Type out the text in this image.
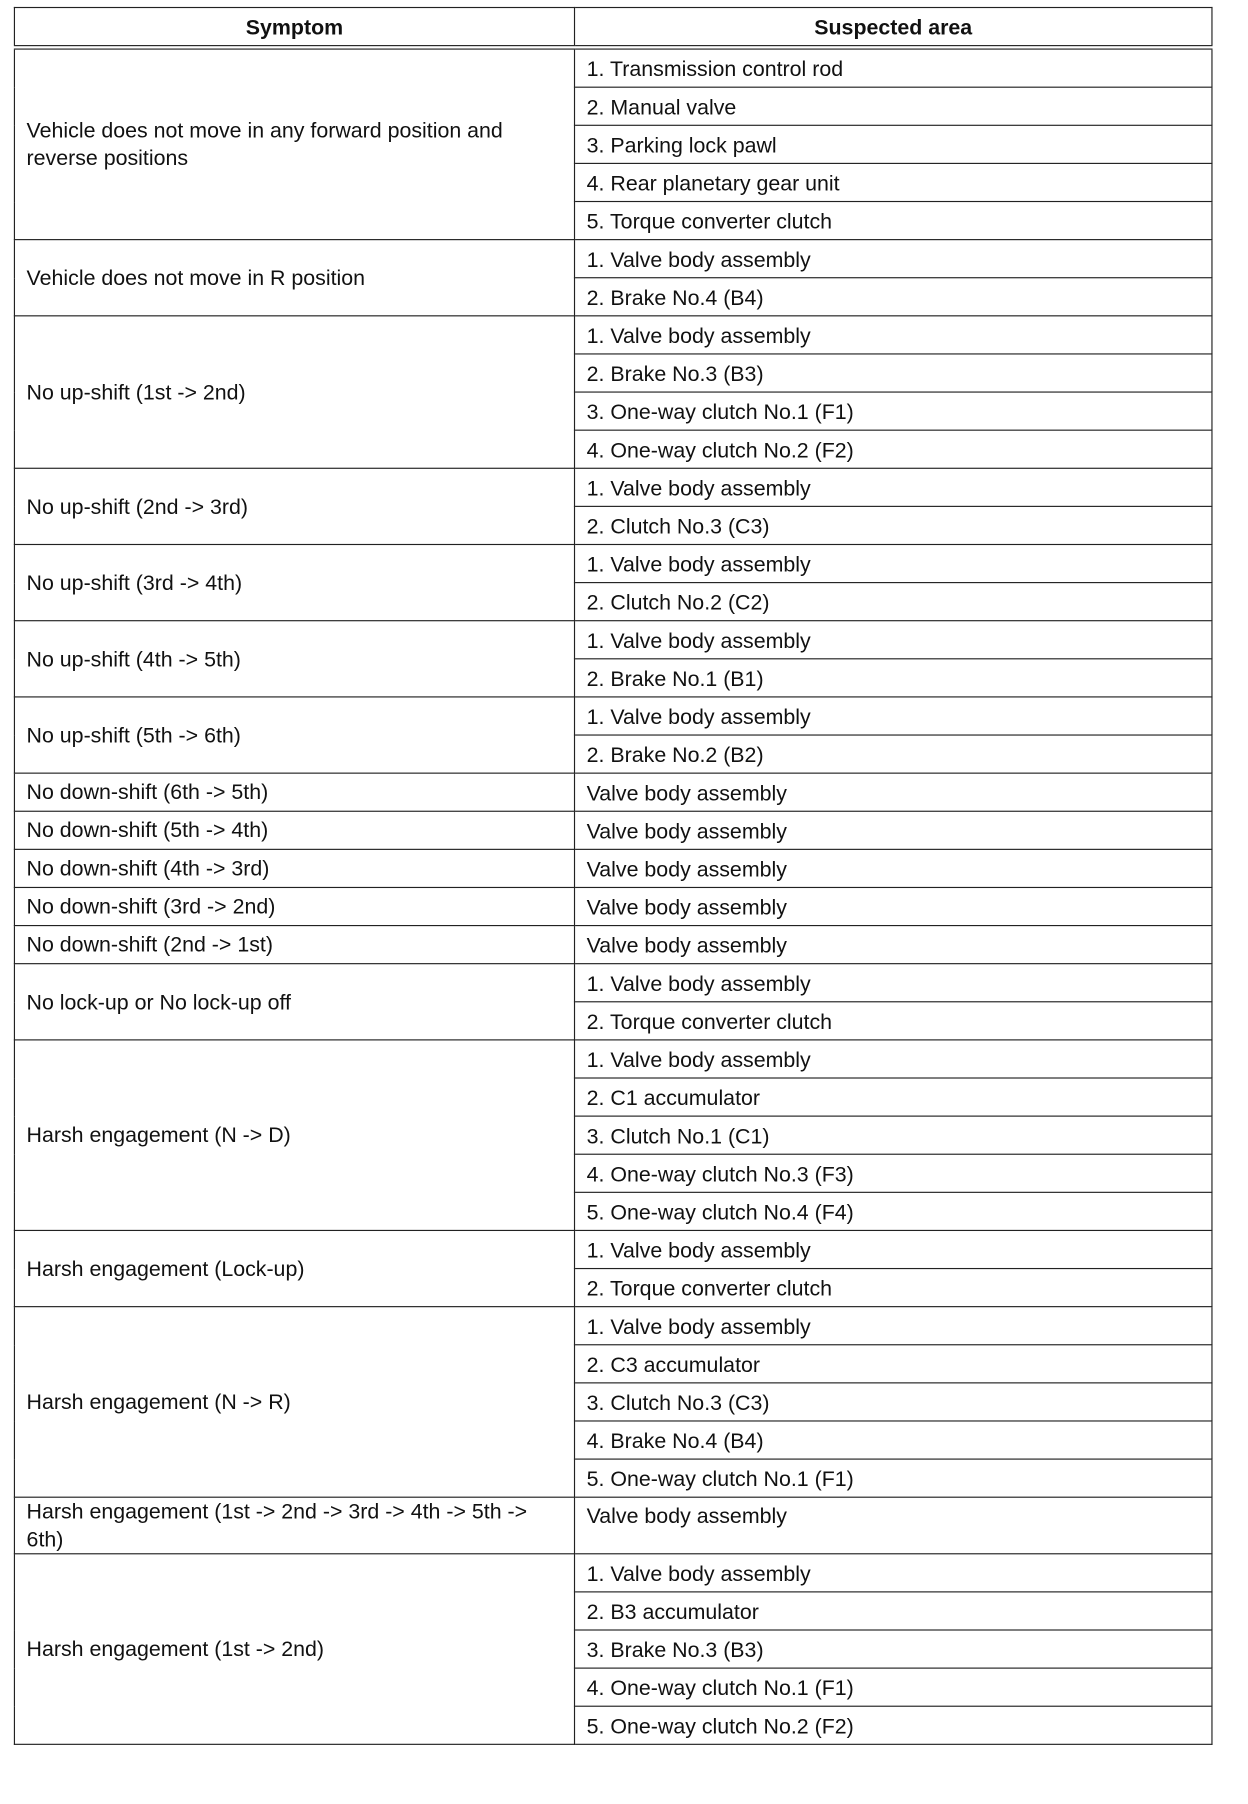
Symptom	Suspected area
Vehicle does not move in any forward position and reverse positions	1. Transmission control rod
	2. Manual valve
	3. Parking lock pawl
	4. Rear planetary gear unit
	5. Torque converter clutch
Vehicle does not move in R position	1. Valve body assembly
	2. Brake No.4 (B4)
No up-shift (1st -> 2nd)	1. Valve body assembly
	2. Brake No.3 (B3)
	3. One-way clutch No.1 (F1)
	4. One-way clutch No.2 (F2)
No up-shift (2nd -> 3rd)	1. Valve body assembly
	2. Clutch No.3 (C3)
No up-shift (3rd -> 4th)	1. Valve body assembly
	2. Clutch No.2 (C2)
No up-shift (4th -> 5th)	1. Valve body assembly
	2. Brake No.1 (B1)
No up-shift (5th -> 6th)	1. Valve body assembly
	2. Brake No.2 (B2)
No down-shift (6th -> 5th)	Valve body assembly
No down-shift (5th -> 4th)	Valve body assembly
No down-shift (4th -> 3rd)	Valve body assembly
No down-shift (3rd -> 2nd)	Valve body assembly
No down-shift (2nd -> 1st)	Valve body assembly
No lock-up or No lock-up off	1. Valve body assembly
	2. Torque converter clutch
Harsh engagement (N -> D)	1. Valve body assembly
	2. C1 accumulator
	3. Clutch No.1 (C1)
	4. One-way clutch No.3 (F3)
	5. One-way clutch No.4 (F4)
Harsh engagement (Lock-up)	1. Valve body assembly
	2. Torque converter clutch
Harsh engagement (N -> R)	1. Valve body assembly
	2. C3 accumulator
	3. Clutch No.3 (C3)
	4. Brake No.4 (B4)
	5. One-way clutch No.1 (F1)
Harsh engagement (1st -> 2nd -> 3rd -> 4th -> 5th -> 6th)	Valve body assembly
Harsh engagement (1st -> 2nd)	1. Valve body assembly
	2. B3 accumulator
	3. Brake No.3 (B3)
	4. One-way clutch No.1 (F1)
	5. One-way clutch No.2 (F2)
